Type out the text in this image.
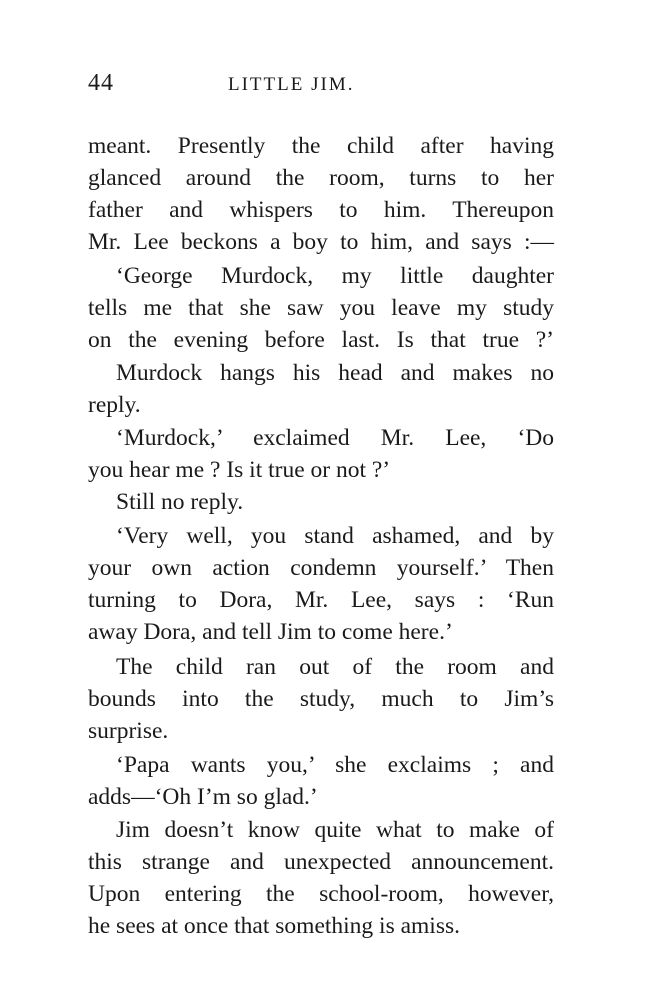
44	LITTLE JIM.
meant. Presently the child after having
glanced around the room, turns to her
father and whispers to him. Thereupon
Mr. Lee beckons a boy to him, and says :—
‘George Murdock, my little daughter
tells me that she saw you leave my study
on the evening before last. Is that true ?’
Murdock hangs his head and makes no
reply.
‘Murdock,’ exclaimed Mr. Lee, ‘Do
you hear me ? Is it true or not ?’
Still no reply.
‘Very well, you stand ashamed, and by
your own action condemn yourself.’ Then
turning to Dora, Mr. Lee, says : ‘Run
away Dora, and tell Jim to come here.’
The child ran out of the room and
bounds into the study, much to Jim’s
surprise.
‘Papa wants you,’ she exclaims ; and
adds—‘Oh I’m so glad.’
Jim doesn’t know quite what to make of
this strange and unexpected announcement.
Upon entering the school-room, however,
he sees at once that something is amiss.
